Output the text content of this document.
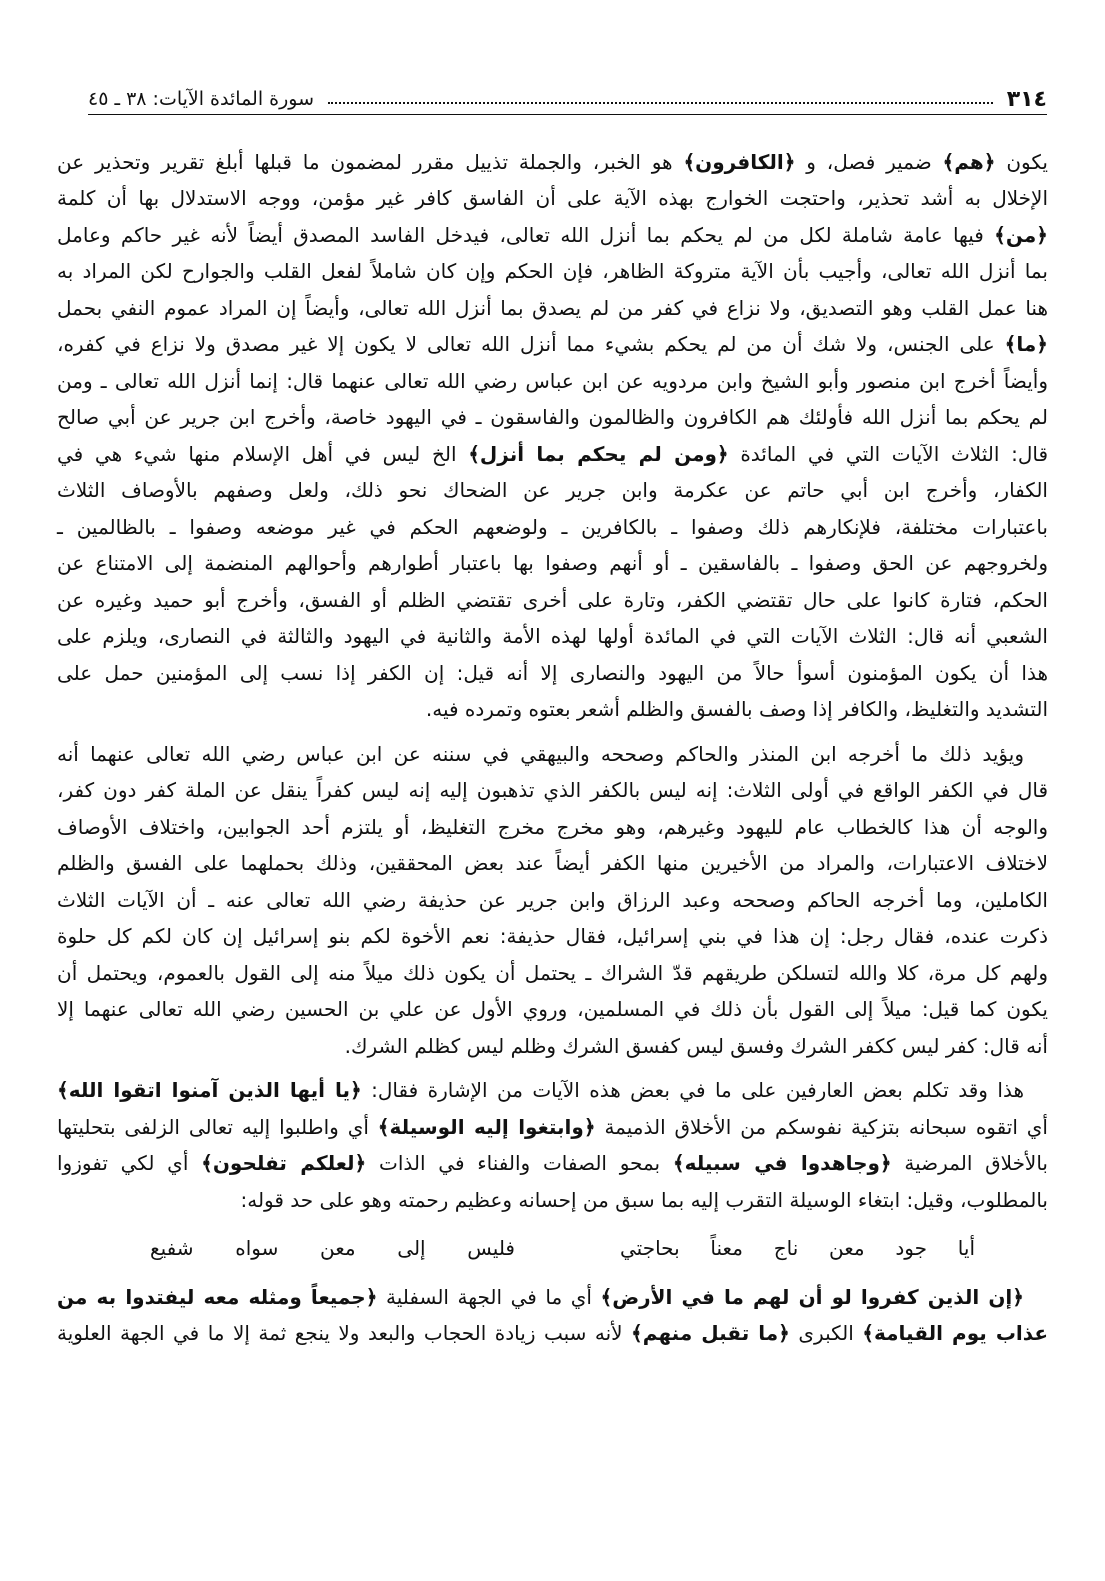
٣١٤
سورة المائدة الآيات: ٣٨ ـ ٤٥
يكون ﴿هم﴾ ضمير فصل، و ﴿الكافرون﴾ هو الخبر، والجملة تذييل مقرر لمضمون ما قبلها أبلغ تقرير وتحذير عن
الإخلال به أشد تحذير، واحتجت الخوارج بهذه الآية على أن الفاسق كافر غير مؤمن، ووجه الاستدلال بها أن كلمة
﴿من﴾ فيها عامة شاملة لكل من لم يحكم بما أنزل الله تعالى، فيدخل الفاسد المصدق أيضاً لأنه غير حاكم وعامل
بما أنزل الله تعالى، وأجيب بأن الآية متروكة الظاهر، فإن الحكم وإن كان شاملاً لفعل القلب والجوارح لكن المراد به
هنا عمل القلب وهو التصديق، ولا نزاع في كفر من لم يصدق بما أنزل الله تعالى، وأيضاً إن المراد عموم النفي بحمل
﴿ما﴾ على الجنس، ولا شك أن من لم يحكم بشيء مما أنزل الله تعالى لا يكون إلا غير مصدق ولا نزاع في كفره،
وأيضاً أخرج ابن منصور وأبو الشيخ وابن مردويه عن ابن عباس رضي الله تعالى عنهما قال: إنما أنزل الله تعالى ـ ومن
لم يحكم بما أنزل الله فأولئك هم الكافرون والظالمون والفاسقون ـ في اليهود خاصة، وأخرج ابن جرير عن أبي صالح
قال: الثلاث الآيات التي في المائدة ﴿ومن لم يحكم بما أنزل﴾ الخ ليس في أهل الإسلام منها شيء هي في
الكفار، وأخرج ابن أبي حاتم عن عكرمة وابن جرير عن الضحاك نحو ذلك، ولعل وصفهم بالأوصاف الثلاث
باعتبارات مختلفة، فلإنكارهم ذلك وصفوا ـ بالكافرين ـ ولوضعهم الحكم في غير موضعه وصفوا ـ بالظالمين ـ
ولخروجهم عن الحق وصفوا ـ بالفاسقين ـ أو أنهم وصفوا بها باعتبار أطوارهم وأحوالهم المنضمة إلى الامتناع عن
الحكم، فتارة كانوا على حال تقتضي الكفر، وتارة على أخرى تقتضي الظلم أو الفسق، وأخرج أبو حميد وغيره عن
الشعبي أنه قال: الثلاث الآيات التي في المائدة أولها لهذه الأمة والثانية في اليهود والثالثة في النصارى، ويلزم على
هذا أن يكون المؤمنون أسوأ حالاً من اليهود والنصارى إلا أنه قيل: إن الكفر إذا نسب إلى المؤمنين حمل على
التشديد والتغليظ، والكافر إذا وصف بالفسق والظلم أشعر بعتوه وتمرده فيه.
ويؤيد ذلك ما أخرجه ابن المنذر والحاكم وصححه والبيهقي في سننه عن ابن عباس رضي الله تعالى عنهما أنه
قال في الكفر الواقع في أولى الثلاث: إنه ليس بالكفر الذي تذهبون إليه إنه ليس كفراً ينقل عن الملة كفر دون كفر،
والوجه أن هذا كالخطاب عام لليهود وغيرهم، وهو مخرج مخرج التغليظ، أو يلتزم أحد الجوابين، واختلاف الأوصاف
لاختلاف الاعتبارات، والمراد من الأخيرين منها الكفر أيضاً عند بعض المحققين، وذلك بحملهما على الفسق والظلم
الكاملين، وما أخرجه الحاكم وصححه وعبد الرزاق وابن جرير عن حذيفة رضي الله تعالى عنه ـ أن الآيات الثلاث
ذكرت عنده، فقال رجل: إن هذا في بني إسرائيل، فقال حذيفة: نعم الأخوة لكم بنو إسرائيل إن كان لكم كل حلوة
ولهم كل مرة، كلا والله لتسلكن طريقهم قدّ الشراك ـ يحتمل أن يكون ذلك ميلاً منه إلى القول بالعموم، ويحتمل أن
يكون كما قيل: ميلاً إلى القول بأن ذلك في المسلمين، وروي الأول عن علي بن الحسين رضي الله تعالى عنهما إلا
أنه قال: كفر ليس ككفر الشرك وفسق ليس كفسق الشرك وظلم ليس كظلم الشرك.
هذا وقد تكلم بعض العارفين على ما في بعض هذه الآيات من الإشارة فقال: ﴿يا أيها الذين آمنوا اتقوا الله﴾
أي اتقوه سبحانه بتزكية نفوسكم من الأخلاق الذميمة ﴿وابتغوا إليه الوسيلة﴾ أي واطلبوا إليه تعالى الزلفى بتحليتها
بالأخلاق المرضية ﴿وجاهدوا في سبيله﴾ بمحو الصفات والفناء في الذات ﴿لعلكم تفلحون﴾ أي لكي تفوزوا
بالمطلوب، وقيل: ابتغاء الوسيلة التقرب إليه بما سبق من إحسانه وعظيم رحمته وهو على حد قوله:
أيا جود معن ناج معناً بحاجتي
فليس إلى معن سواه شفيع
﴿إن الذين كفروا لو أن لهم ما في الأرض﴾ أي ما في الجهة السفلية ﴿جميعاً ومثله معه ليفتدوا به من
عذاب يوم القيامة﴾ الكبرى ﴿ما تقبل منهم﴾ لأنه سبب زيادة الحجاب والبعد ولا ينجع ثمة إلا ما في الجهة العلوية
